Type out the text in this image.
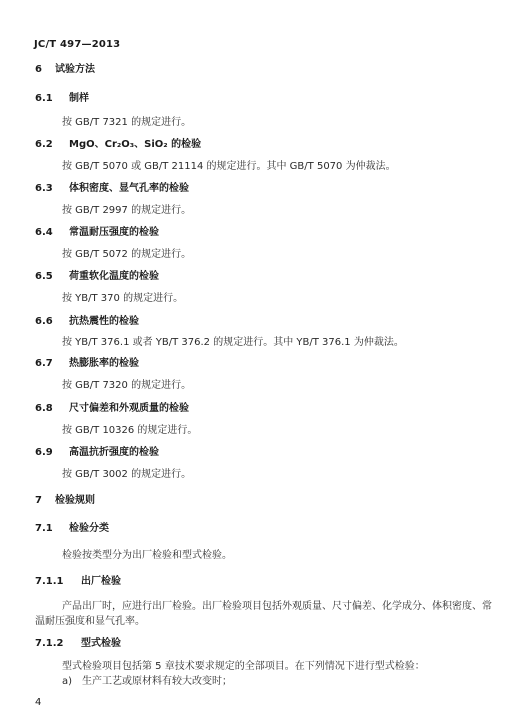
JC/T 497—2013
6 试验方法
6.1 制样
按 GB/T 7321 的规定进行。
6.2 MgO、Cr₂O₃、SiO₂ 的检验
按 GB/T 5070 或 GB/T 21114 的规定进行。其中 GB/T 5070 为仲裁法。
6.3 体积密度、显气孔率的检验
按 GB/T 2997 的规定进行。
6.4 常温耐压强度的检验
按 GB/T 5072 的规定进行。
6.5 荷重软化温度的检验
按 YB/T 370 的规定进行。
6.6 抗热震性的检验
按 YB/T 376.1 或者 YB/T 376.2 的规定进行。其中 YB/T 376.1 为仲裁法。
6.7 热膨胀率的检验
按 GB/T 7320 的规定进行。
6.8 尺寸偏差和外观质量的检验
按 GB/T 10326 的规定进行。
6.9 高温抗折强度的检验
按 GB/T 3002 的规定进行。
7 检验规则
7.1 检验分类
检验按类型分为出厂检验和型式检验。
7.1.1 出厂检验
产品出厂时，应进行出厂检验。出厂检验项目包括外观质量、尺寸偏差、化学成分、体积密度、常
温耐压强度和显气孔率。
7.1.2 型式检验
型式检验项目包括第 5 章技术要求规定的全部项目。在下列情况下进行型式检验：
a)　生产工艺或原材料有较大改变时；
4
